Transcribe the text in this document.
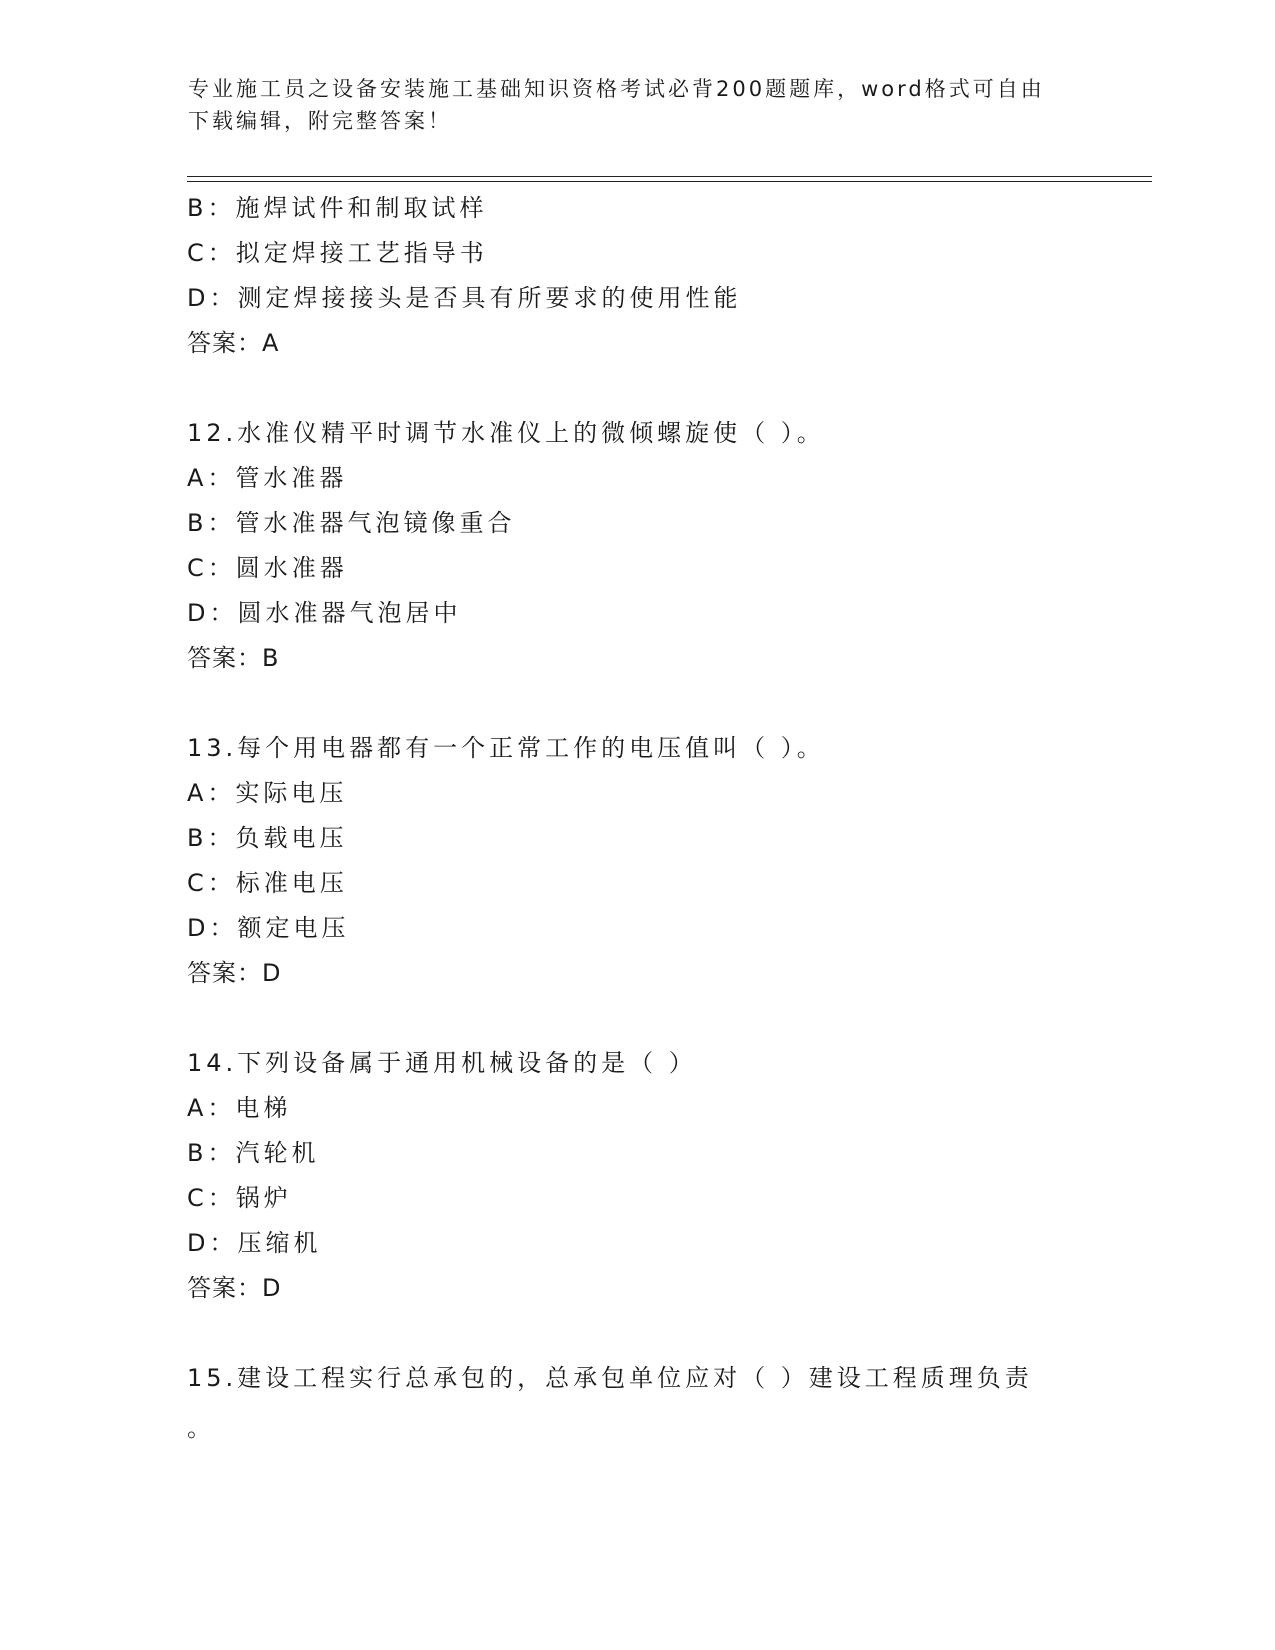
专业施工员之设备安装施工基础知识资格考试必背200题题库，word格式可自由
下载编辑，附完整答案！
B：施焊试件和制取试样
C：拟定焊接工艺指导书
D：测定焊接接头是否具有所要求的使用性能
答案：A
12.水准仪精平时调节水准仪上的微倾螺旋使（ ）。
A：管水准器
B：管水准器气泡镜像重合
C：圆水准器
D：圆水准器气泡居中
答案：B
13.每个用电器都有一个正常工作的电压值叫（ ）。
A：实际电压
B：负载电压
C：标准电压
D：额定电压
答案：D
14.下列设备属于通用机械设备的是（ ）
A：电梯
B：汽轮机
C：锅炉
D：压缩机
答案：D
15.建设工程实行总承包的，总承包单位应对（ ）建设工程质理负责
。
